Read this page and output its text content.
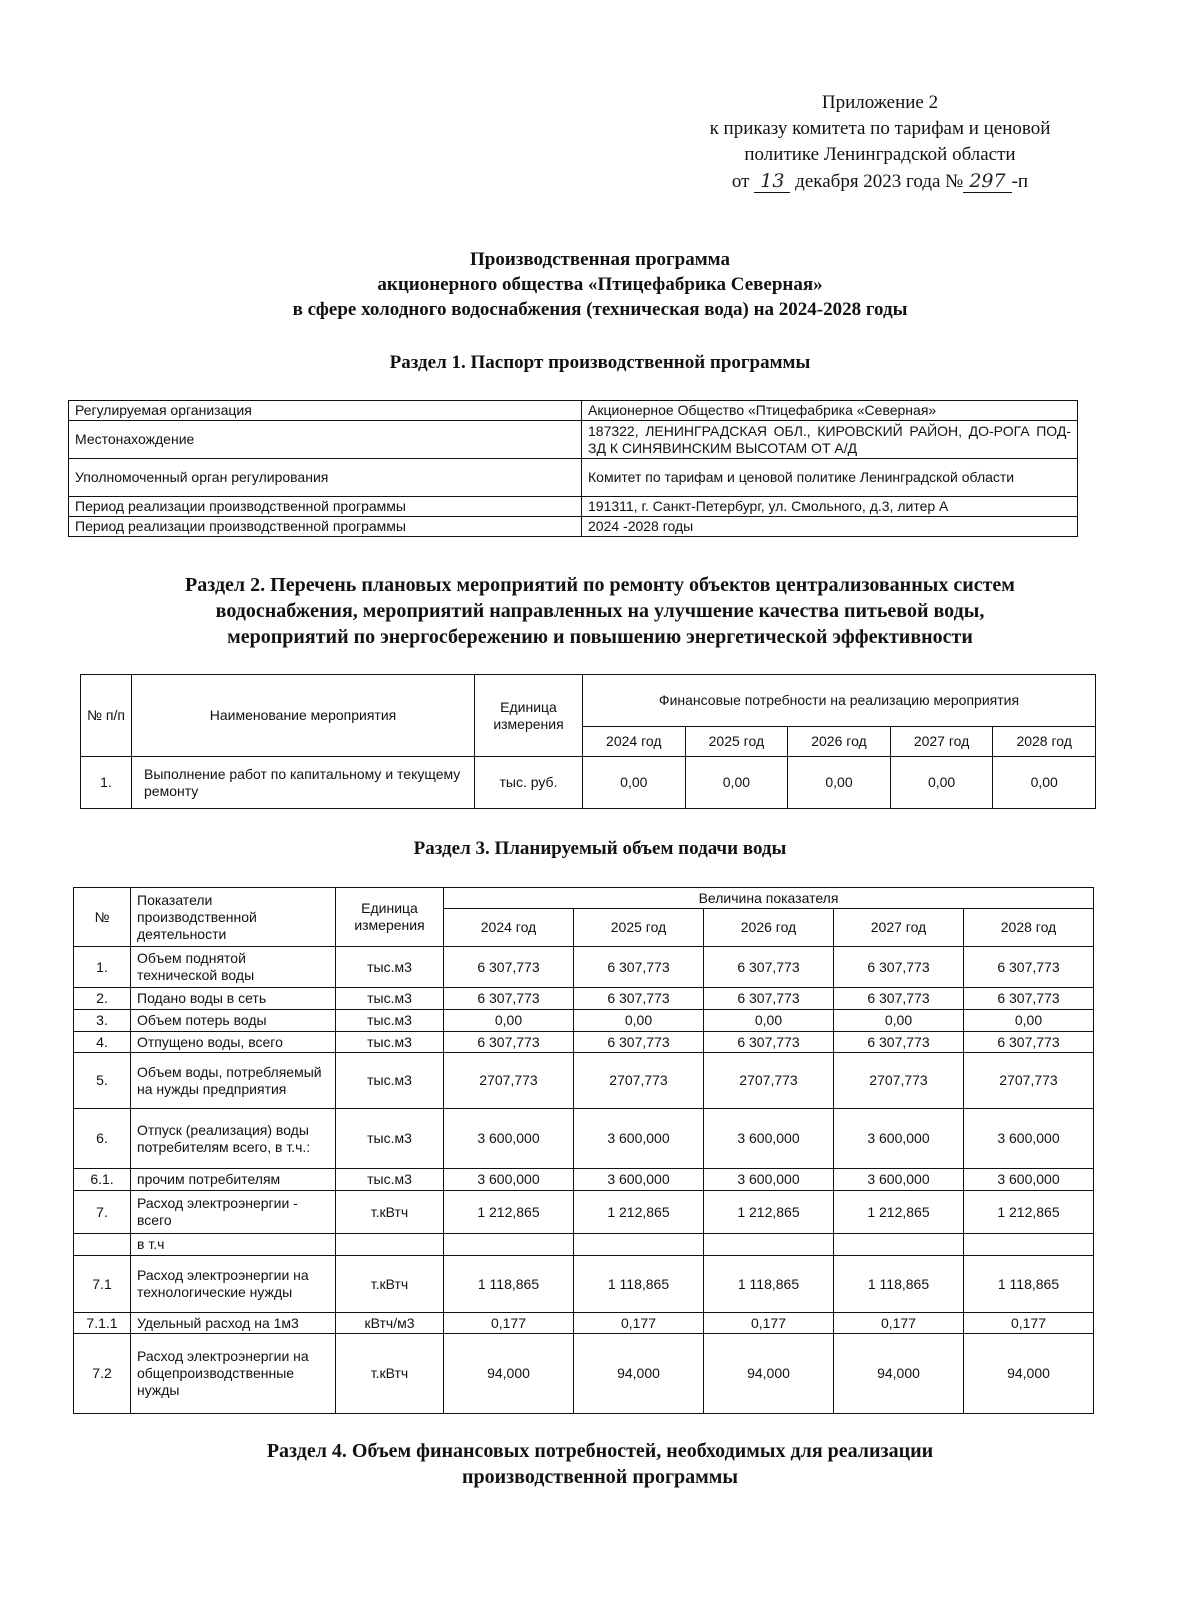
Приложение 2
к приказу комитета по тарифам и ценовой
политике Ленинградской области
от 13 декабря 2023 года № 297 -п
Производственная программа
акционерного общества «Птицефабрика Северная»
в сфере холодного водоснабжения (техническая вода) на 2024-2028 годы
Раздел 1. Паспорт производственной программы
Регулируемая организация	Акционерное Общество «Птицефабрика «Северная»
Местонахождение	187322, ЛЕНИНГРАДСКАЯ ОБЛ., КИРОВСКИЙ РАЙОН, ДО-РОГА ПОД-ЗД К СИНЯВИНСКИМ ВЫСОТАМ ОТ А/Д
Уполномоченный орган регулирования	Комитет по тарифам и ценовой политике Ленинградской области
Период реализации производственной программы	191311, г. Санкт-Петербург, ул. Смольного, д.3, литер А
Период реализации производственной программы	2024 -2028 годы
Раздел 2. Перечень плановых мероприятий по ремонту объектов централизованных систем
водоснабжения, мероприятий направленных на улучшение качества питьевой воды,
мероприятий по энергосбережению и повышению энергетической эффективности
№ п/п	Наименование мероприятия	Единица измерения	Финансовые потребности на реализацию мероприятия				
			2024 год	2025 год	2026 год	2027 год	2028 год
1.	Выполнение работ по капитальному и текущему ремонту	тыс. руб.	0,00	0,00	0,00	0,00	0,00
Раздел 3. Планируемый объем подачи воды
№	Показатели производственной деятельности	Единица измерения	Величина показателя				
			2024 год	2025 год	2026 год	2027 год	2028 год
1.	Объем поднятой технической воды	тыс.м3	6 307,773	6 307,773	6 307,773	6 307,773	6 307,773
2.	Подано воды в сеть	тыс.м3	6 307,773	6 307,773	6 307,773	6 307,773	6 307,773
3.	Объем потерь воды	тыс.м3	0,00	0,00	0,00	0,00	0,00
4.	Отпущено воды, всего	тыс.м3	6 307,773	6 307,773	6 307,773	6 307,773	6 307,773
5.	Объем воды, потребляемый на нужды предприятия	тыс.м3	2707,773	2707,773	2707,773	2707,773	2707,773
6.	Отпуск (реализация) воды потребителям всего, в т.ч.:	тыс.м3	3 600,000	3 600,000	3 600,000	3 600,000	3 600,000
6.1.	прочим потребителям	тыс.м3	3 600,000	3 600,000	3 600,000	3 600,000	3 600,000
7.	Расход электроэнергии - всего	т.кВтч	1 212,865	1 212,865	1 212,865	1 212,865	1 212,865
	в т.ч						
7.1	Расход электроэнергии на технологические нужды	т.кВтч	1 118,865	1 118,865	1 118,865	1 118,865	1 118,865
7.1.1	Удельный расход на 1м3	кВтч/м3	0,177	0,177	0,177	0,177	0,177
7.2	Расход электроэнергии на общепроизводственные нужды	т.кВтч	94,000	94,000	94,000	94,000	94,000
Раздел 4. Объем финансовых потребностей, необходимых для реализации
производственной программы
